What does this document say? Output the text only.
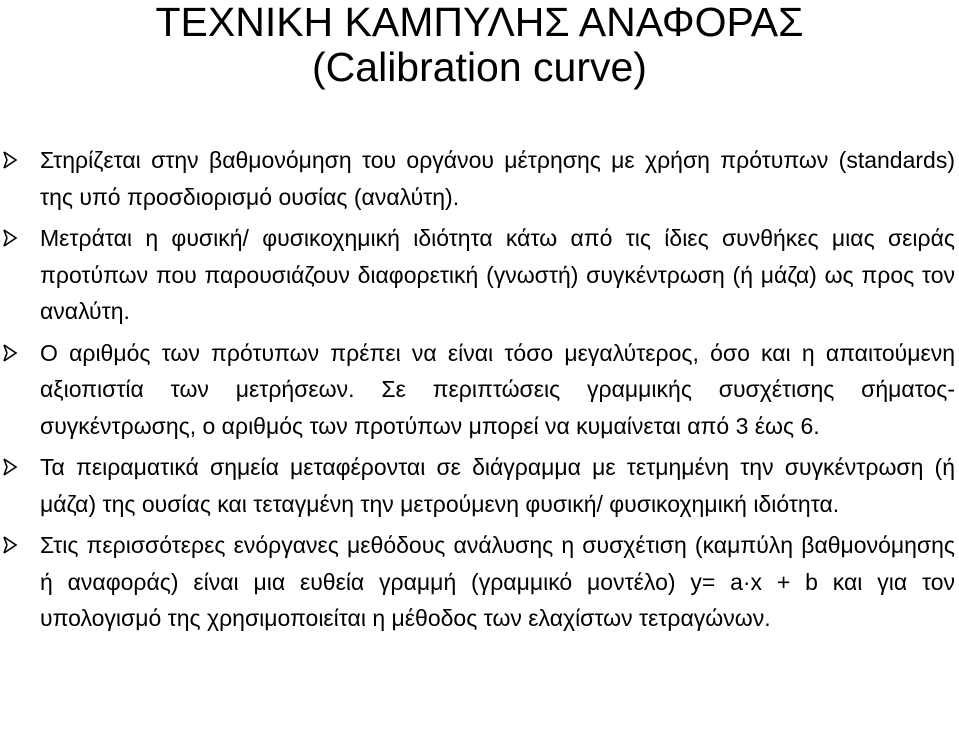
ΤΕΧΝΙΚΗ ΚΑΜΠΥΛΗΣ ΑΝΑΦΟΡΑΣ
(Calibration curve)
Στηρίζεται στην βαθμονόμηση του οργάνου μέτρησης με χρήση πρότυπων (standards) της υπό προσδιορισμό ουσίας (αναλύτη).
Μετράται η φυσική/ φυσικοχημική ιδιότητα κάτω από τις ίδιες συνθήκες μιας σειράς προτύπων που παρουσιάζουν διαφορετική (γνωστή) συγκέντρωση (ή μάζα) ως προς τον αναλύτη.
Ο αριθμός των πρότυπων πρέπει να είναι τόσο μεγαλύτερος, όσο και η απαιτούμενη αξιοπιστία των μετρήσεων. Σε περιπτώσεις γραμμικής συσχέτισης σήματος- συγκέντρωσης, ο αριθμός των προτύπων μπορεί να κυμαίνεται από 3 έως 6.
Τα πειραματικά σημεία μεταφέρονται σε διάγραμμα με τετμημένη την συγκέντρωση (ή μάζα) της ουσίας και τεταγμένη την μετρούμενη φυσική/ φυσικοχημική ιδιότητα.
Στις περισσότερες ενόργανες μεθόδους ανάλυσης η συσχέτιση (καμπύλη βαθμονόμησης ή αναφοράς) είναι μια ευθεία γραμμή (γραμμικό μοντέλο) y= a·x + b και για τον υπολογισμό της χρησιμοποιείται η μέθοδος των ελαχίστων τετραγώνων.
